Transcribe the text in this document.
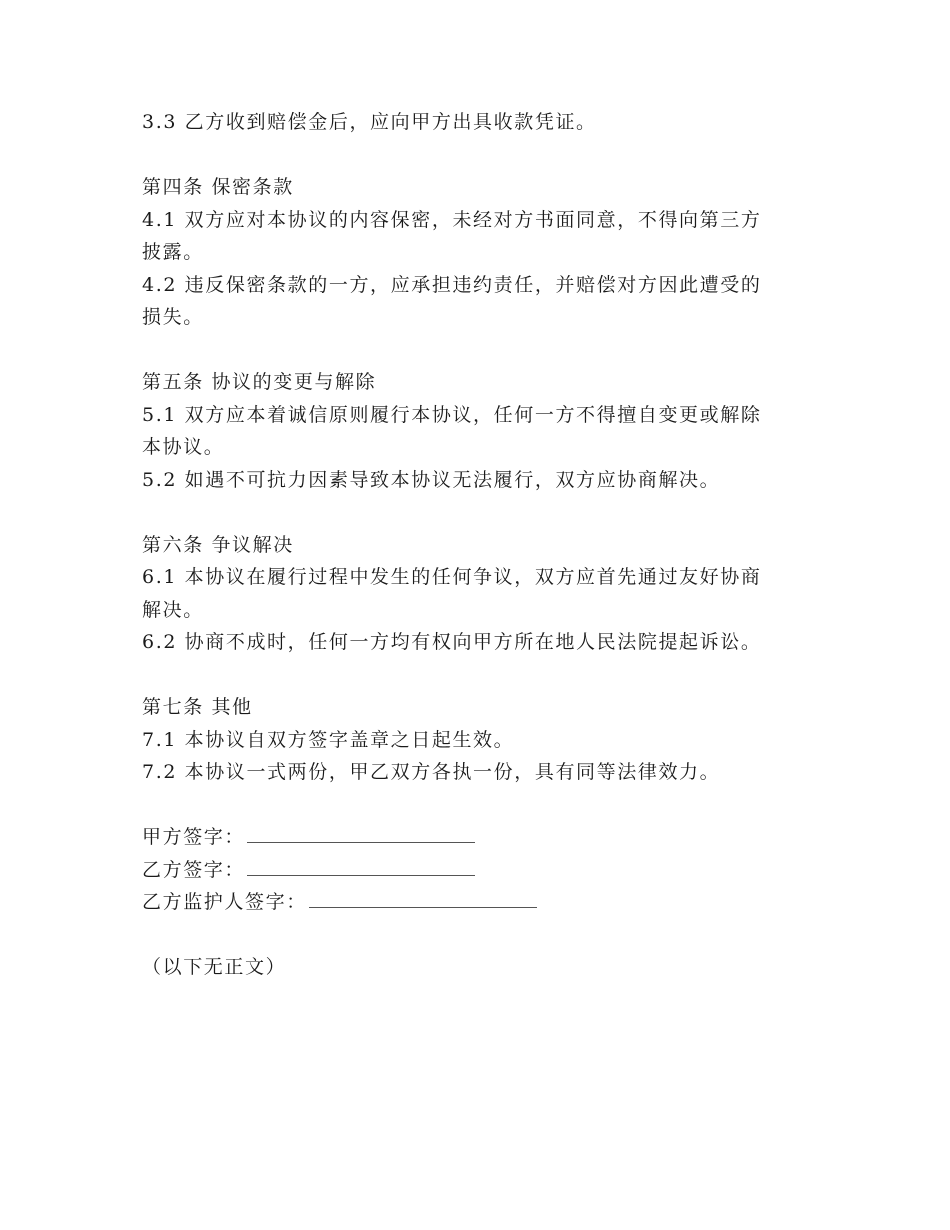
3.3 乙方收到赔偿金后，应向甲方出具收款凭证。
第四条 保密条款
4.1 双方应对本协议的内容保密，未经对方书面同意，不得向第三方
披露。
4.2 违反保密条款的一方，应承担违约责任，并赔偿对方因此遭受的
损失。
第五条 协议的变更与解除
5.1 双方应本着诚信原则履行本协议，任何一方不得擅自变更或解除
本协议。
5.2 如遇不可抗力因素导致本协议无法履行，双方应协商解决。
第六条 争议解决
6.1 本协议在履行过程中发生的任何争议，双方应首先通过友好协商
解决。
6.2 协商不成时，任何一方均有权向甲方所在地人民法院提起诉讼。
第七条 其他
7.1 本协议自双方签字盖章之日起生效。
7.2 本协议一式两份，甲乙双方各执一份，具有同等法律效力。
甲方签字：
乙方签字：
乙方监护人签字：
（以下无正文）
